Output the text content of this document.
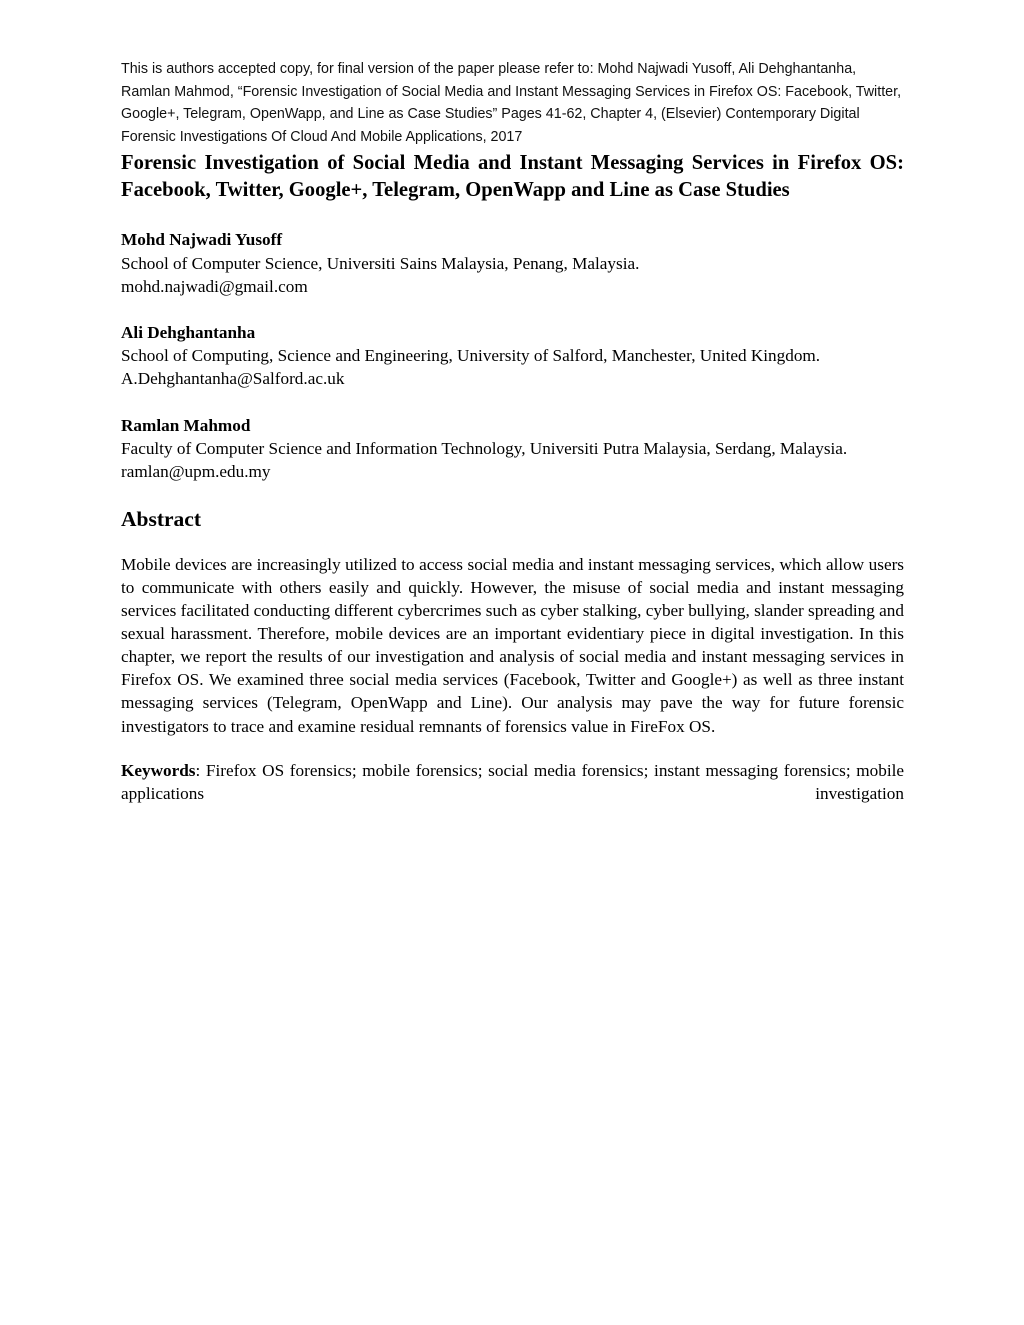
This is authors accepted copy, for final version of the paper please refer to: Mohd Najwadi Yusoff, Ali Dehghantanha, Ramlan Mahmod, “Forensic Investigation of Social Media and Instant Messaging Services in Firefox OS: Facebook, Twitter, Google+, Telegram, OpenWapp, and Line as Case Studies” Pages 41-62, Chapter 4, (Elsevier) Contemporary Digital Forensic Investigations Of Cloud And Mobile Applications, 2017

Forensic Investigation of Social Media and Instant Messaging Services in Firefox OS: Facebook, Twitter, Google+, Telegram, OpenWapp and Line as Case Studies
Mohd Najwadi Yusoff
School of Computer Science, Universiti Sains Malaysia, Penang, Malaysia.
mohd.najwadi@gmail.com
Ali Dehghantanha
School of Computing, Science and Engineering, University of Salford, Manchester, United Kingdom.
A.Dehghantanha@Salford.ac.uk
Ramlan Mahmod
Faculty of Computer Science and Information Technology, Universiti Putra Malaysia, Serdang, Malaysia.
ramlan@upm.edu.my
Abstract

Mobile devices are increasingly utilized to access social media and instant messaging services, which allow users to communicate with others easily and quickly. However, the misuse of social media and instant messaging services facilitated conducting different cybercrimes such as cyber stalking, cyber bullying, slander spreading and sexual harassment. Therefore, mobile devices are an important evidentiary piece in digital investigation. In this chapter, we report the results of our investigation and analysis of social media and instant messaging services in Firefox OS. We examined three social media services (Facebook, Twitter and Google+) as well as three instant messaging services (Telegram, OpenWapp and Line). Our analysis may pave the way for future forensic investigators to trace and examine residual remnants of forensics value in FireFox OS.

Keywords: Firefox OS forensics; mobile forensics; social media forensics; instant messaging forensics; mobile applications investigation
